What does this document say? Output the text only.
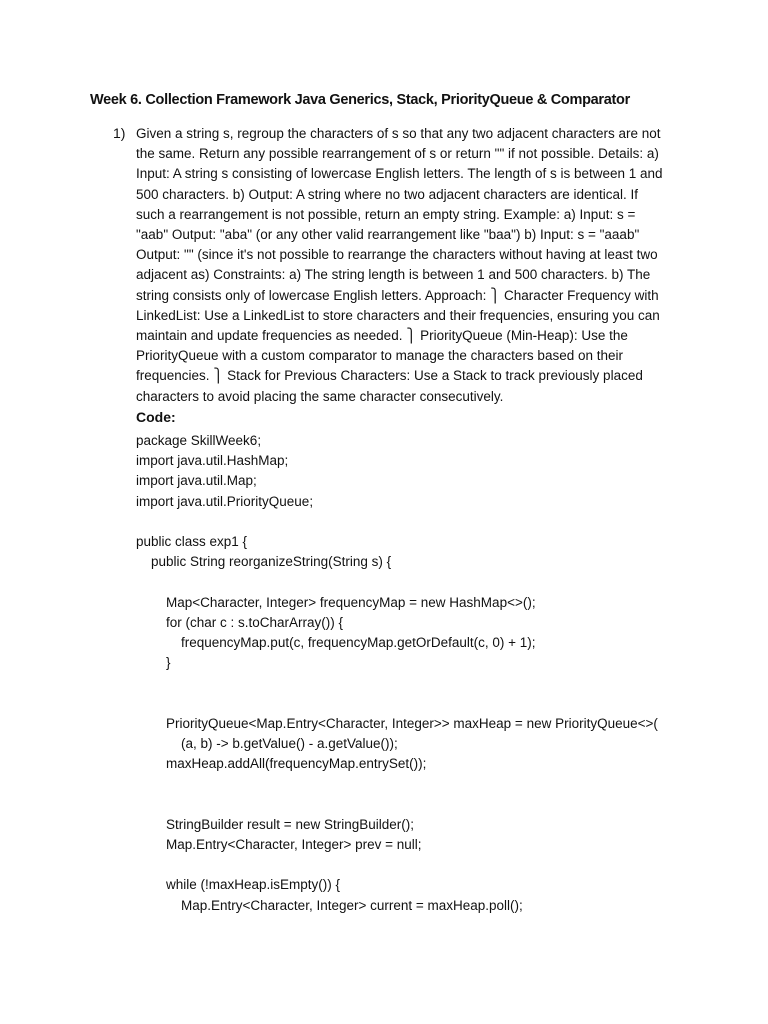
Week 6. Collection Framework Java Generics, Stack, PriorityQueue & Comparator
1) Given a string s, regroup the characters of s so that any two adjacent characters are not
the same. Return any possible rearrangement of s or return "" if not possible. Details: a)
Input: A string s consisting of lowercase English letters. The length of s is between 1 and
500 characters. b) Output: A string where no two adjacent characters are identical. If
such a rearrangement is not possible, return an empty string. Example: a) Input: s =
"aab" Output: "aba" (or any other valid rearrangement like "baa") b) Input: s = "aaab"
Output: "" (since it's not possible to rearrange the characters without having at least two
adjacent as) Constraints: a) The string length is between 1 and 500 characters. b) The
string consists only of lowercase English letters. Approach: ⎫ Character Frequency with
LinkedList: Use a LinkedList to store characters and their frequencies, ensuring you can
maintain and update frequencies as needed. ⎫ PriorityQueue (Min-Heap): Use the
PriorityQueue with a custom comparator to manage the characters based on their
frequencies. ⎫ Stack for Previous Characters: Use a Stack to track previously placed
characters to avoid placing the same character consecutively.
Code:
package SkillWeek6;
import java.util.HashMap;
import java.util.Map;
import java.util.PriorityQueue;
public class exp1 {
public String reorganizeString(String s) {
Map<Character, Integer> frequencyMap = new HashMap<>();
for (char c : s.toCharArray()) {
frequencyMap.put(c, frequencyMap.getOrDefault(c, 0) + 1);
}
PriorityQueue<Map.Entry<Character, Integer>> maxHeap = new PriorityQueue<>(
(a, b) -> b.getValue() - a.getValue());
maxHeap.addAll(frequencyMap.entrySet());
StringBuilder result = new StringBuilder();
Map.Entry<Character, Integer> prev = null;
while (!maxHeap.isEmpty()) {
Map.Entry<Character, Integer> current = maxHeap.poll();
